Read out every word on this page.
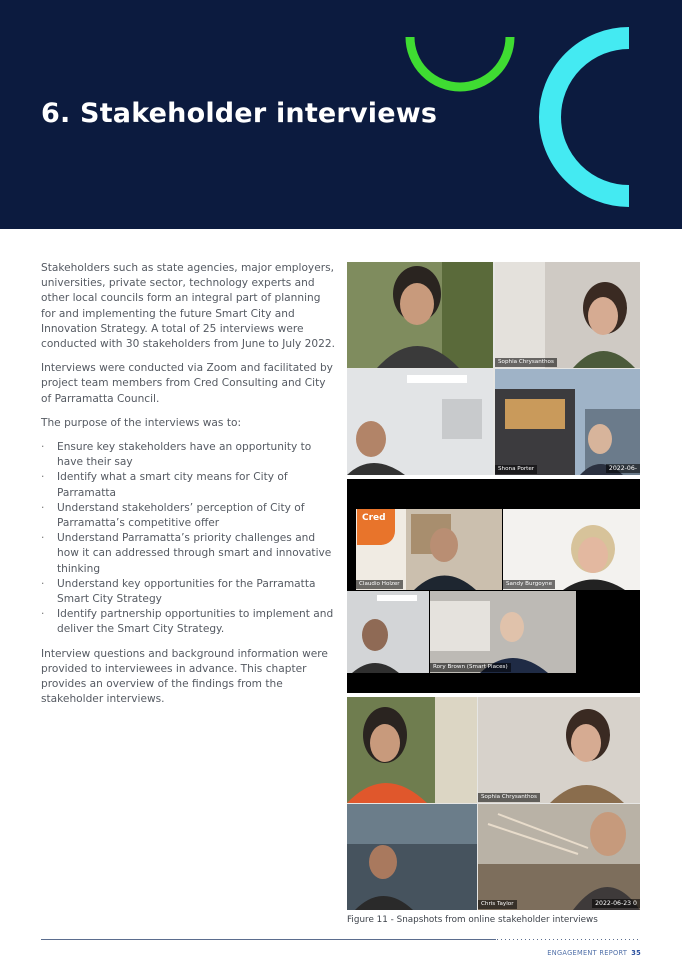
6. Stakeholder interviews

Stakeholders such as state agencies, major employers, universities, private sector, technology experts and other local councils form an integral part of planning for and implementing the future Smart City and Innovation Strategy. A total of 25 interviews were conducted with 30 stakeholders from June to July 2022.

Interviews were conducted via Zoom and facilitated by project team members from Cred Consulting and City of Parramatta Council.

The purpose of the interviews was to:

· Ensure key stakeholders have an opportunity to have their say
· Identify what a smart city means for City of Parramatta
· Understand stakeholders’ perception of City of Parramatta’s competitive offer
· Understand Parramatta’s priority challenges and how it can addressed through smart and innovative thinking
· Understand key opportunities for the Parramatta Smart City Strategy
· Identify partnership opportunities to implement and deliver the Smart City Strategy.

Interview questions and background information were provided to interviewees in advance. This chapter provides an overview of the findings from the stakeholder interviews.

Sophia Chrysanthos
Shona Porter	2022-06-
Claudio Holzer
Cred
Sandy Burgoyne
Rory Brown (Smart Places)
Sophia Chrysanthos
Chris Taylor	2022-06-23 0
Figure 11 - Snapshots from online stakeholder interviews
ENGAGEMENT REPORT 35
